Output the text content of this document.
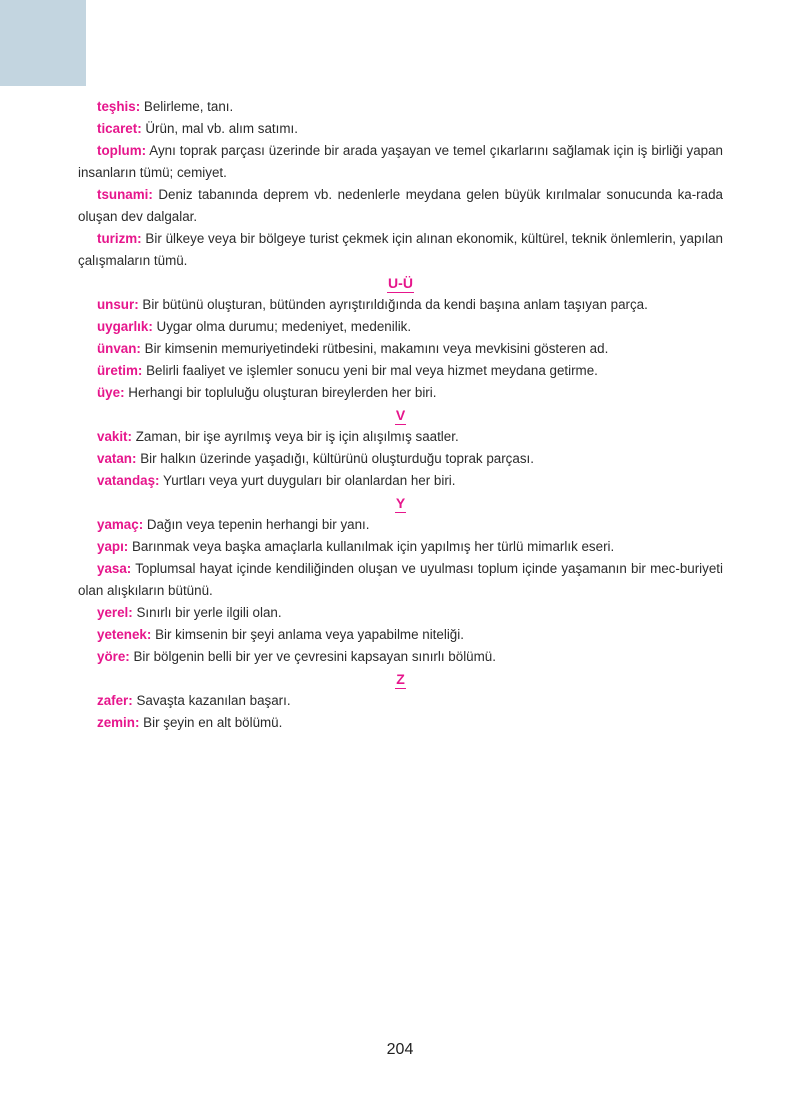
teşhis: Belirleme, tanı.

ticaret: Ürün, mal vb. alım satımı.

toplum: Aynı toprak parçası üzerinde bir arada yaşayan ve temel çıkarlarını sağlamak için iş birliği yapan insanların tümü; cemiyet.

tsunami: Deniz tabanında deprem vb. nedenlerle meydana gelen büyük kırılmalar sonucunda ka-rada oluşan dev dalgalar.

turizm: Bir ülkeye veya bir bölgeye turist çekmek için alınan ekonomik, kültürel, teknik önlemlerin, yapılan çalışmaların tümü.

U-Ü

unsur: Bir bütünü oluşturan, bütünden ayrıştırıldığında da kendi başına anlam taşıyan parça.

uygarlık: Uygar olma durumu; medeniyet, medenilik.

ünvan: Bir kimsenin memuriyetindeki rütbesini, makamını veya mevkisini gösteren ad.

üretim: Belirli faaliyet ve işlemler sonucu yeni bir mal veya hizmet meydana getirme.

üye: Herhangi bir topluluğu oluşturan bireylerden her biri.

V

vakit: Zaman, bir işe ayrılmış veya bir iş için alışılmış saatler.

vatan: Bir halkın üzerinde yaşadığı, kültürünü oluşturduğu toprak parçası.

vatandaş: Yurtları veya yurt duyguları bir olanlardan her biri.

Y

yamaç: Dağın veya tepenin herhangi bir yanı.

yapı: Barınmak veya başka amaçlarla kullanılmak için yapılmış her türlü mimarlık eseri.

yasa: Toplumsal hayat içinde kendiliğinden oluşan ve uyulması toplum içinde yaşamanın bir mec-buriyeti olan alışkıların bütünü.

yerel: Sınırlı bir yerle ilgili olan.

yetenek: Bir kimsenin bir şeyi anlama veya yapabilme niteliği.

yöre: Bir bölgenin belli bir yer ve çevresini kapsayan sınırlı bölümü.

Z

zafer: Savaşta kazanılan başarı.

zemin: Bir şeyin en alt bölümü.

204
